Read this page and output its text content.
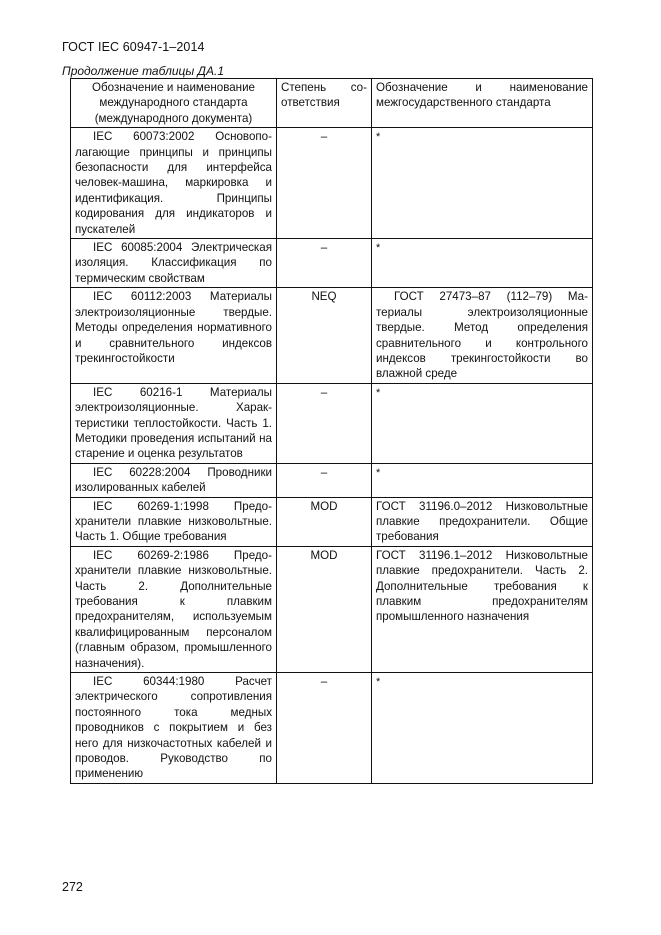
ГОСТ IEC 60947-1–2014
Продолжение таблицы ДА.1
Обозначение и наименование международного стандарта (международного документа)	Степень соответствия	Обозначение и наименование межгосударственного стандарта

IEC 60073:2002 Основополагающие принципы и принципы безопасности для интерфейса человек-машина, маркировка и идентификация. Принципы кодирования для индикаторов и пускателей	–	*

IEC 60085:2004 Электрическая изоляция. Классификация по термическим свойствам	–	*

IEC 60112:2003 Материалы электроизоляционные твердые. Методы определения нормативного и сравнительного индексов трекингостойкости	NEQ	ГОСТ 27473–87 (112–79) Материалы электроизоляционные твердые. Метод определения сравнительного и контрольного индексов трекингостойкости во влажной среде

IEC 60216-1 Материалы электроизоляционные. Характеристики теплостойкости. Часть 1. Методики проведения испытаний на старение и оценка результатов	–	*

IEC 60228:2004 Проводники изолированных кабелей	–	*

IEC 60269-1:1998 Предохранители плавкие низковольтные. Часть 1. Общие требования	MOD	ГОСТ 31196.0–2012 Низковольтные плавкие предохранители. Общие требования

IEC 60269-2:1986 Предохранители плавкие низковольтные. Часть 2. Дополнительные требования к плавким предохранителям, используемым квалифицированным персоналом (главным образом, промышленного назначения).	MOD	ГОСТ 31196.1–2012 Низковольтные плавкие предохранители. Часть 2. Дополнительные требования к плавким предохранителям промышленного назначения

IEC 60344:1980 Расчет электрического сопротивления постоянного тока медных проводников с покрытием и без него для низкочастотных кабелей и проводов. Руководство по применению	–	*
272
